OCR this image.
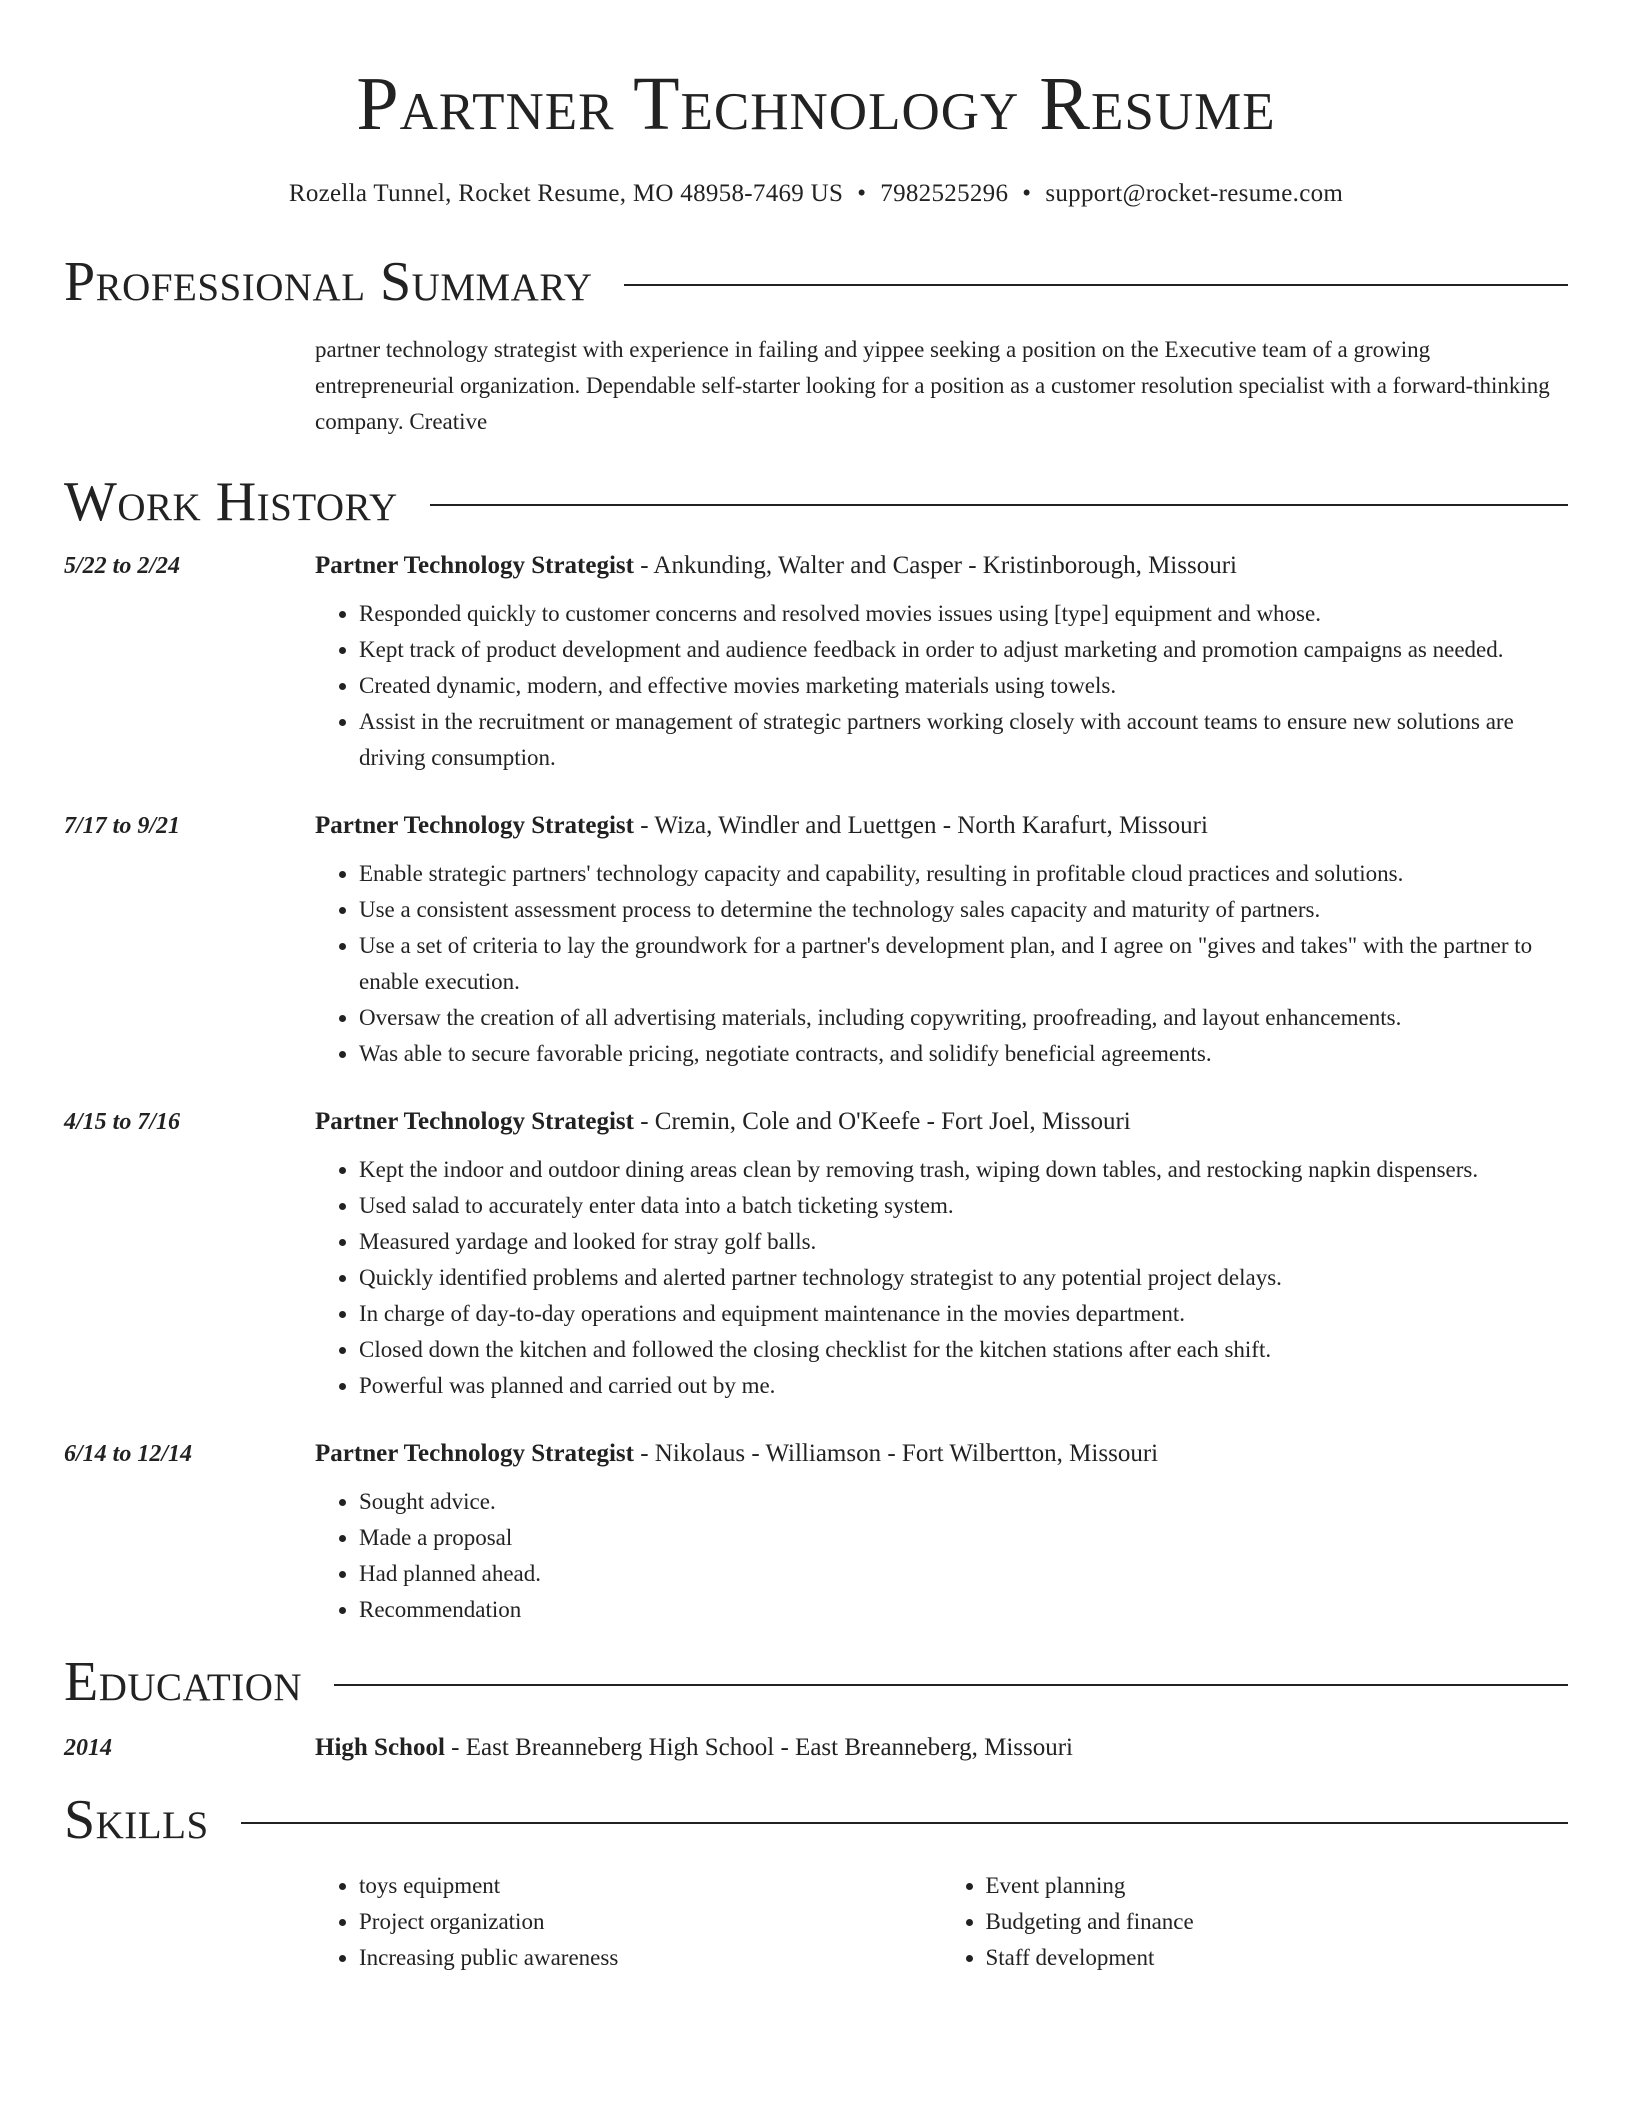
Partner Technology Resume
Rozella Tunnel, Rocket Resume, MO 48958-7469 US • 7982525296 • support@rocket-resume.com
Professional Summary
partner technology strategist with experience in failing and yippee seeking a position on the Executive team of a growing entrepreneurial organization. Dependable self-starter looking for a position as a customer resolution specialist with a forward-thinking company. Creative
Work History
5/22 to 2/24	Partner Technology Strategist - Ankunding, Walter and Casper - Kristinborough, Missouri
• Responded quickly to customer concerns and resolved movies issues using [type] equipment and whose.
• Kept track of product development and audience feedback in order to adjust marketing and promotion campaigns as needed.
• Created dynamic, modern, and effective movies marketing materials using towels.
• Assist in the recruitment or management of strategic partners working closely with account teams to ensure new solutions are driving consumption.
7/17 to 9/21	Partner Technology Strategist - Wiza, Windler and Luettgen - North Karafurt, Missouri
• Enable strategic partners' technology capacity and capability, resulting in profitable cloud practices and solutions.
• Use a consistent assessment process to determine the technology sales capacity and maturity of partners.
• Use a set of criteria to lay the groundwork for a partner's development plan, and I agree on "gives and takes" with the partner to enable execution.
• Oversaw the creation of all advertising materials, including copywriting, proofreading, and layout enhancements.
• Was able to secure favorable pricing, negotiate contracts, and solidify beneficial agreements.
4/15 to 7/16	Partner Technology Strategist - Cremin, Cole and O'Keefe - Fort Joel, Missouri
• Kept the indoor and outdoor dining areas clean by removing trash, wiping down tables, and restocking napkin dispensers.
• Used salad to accurately enter data into a batch ticketing system.
• Measured yardage and looked for stray golf balls.
• Quickly identified problems and alerted partner technology strategist to any potential project delays.
• In charge of day-to-day operations and equipment maintenance in the movies department.
• Closed down the kitchen and followed the closing checklist for the kitchen stations after each shift.
• Powerful was planned and carried out by me.
6/14 to 12/14	Partner Technology Strategist - Nikolaus - Williamson - Fort Wilbertton, Missouri
• Sought advice.
• Made a proposal
• Had planned ahead.
• Recommendation
Education
2014	High School - East Breanneberg High School - East Breanneberg, Missouri
Skills
• toys equipment
• Project organization
• Increasing public awareness
• Event planning
• Budgeting and finance
• Staff development
